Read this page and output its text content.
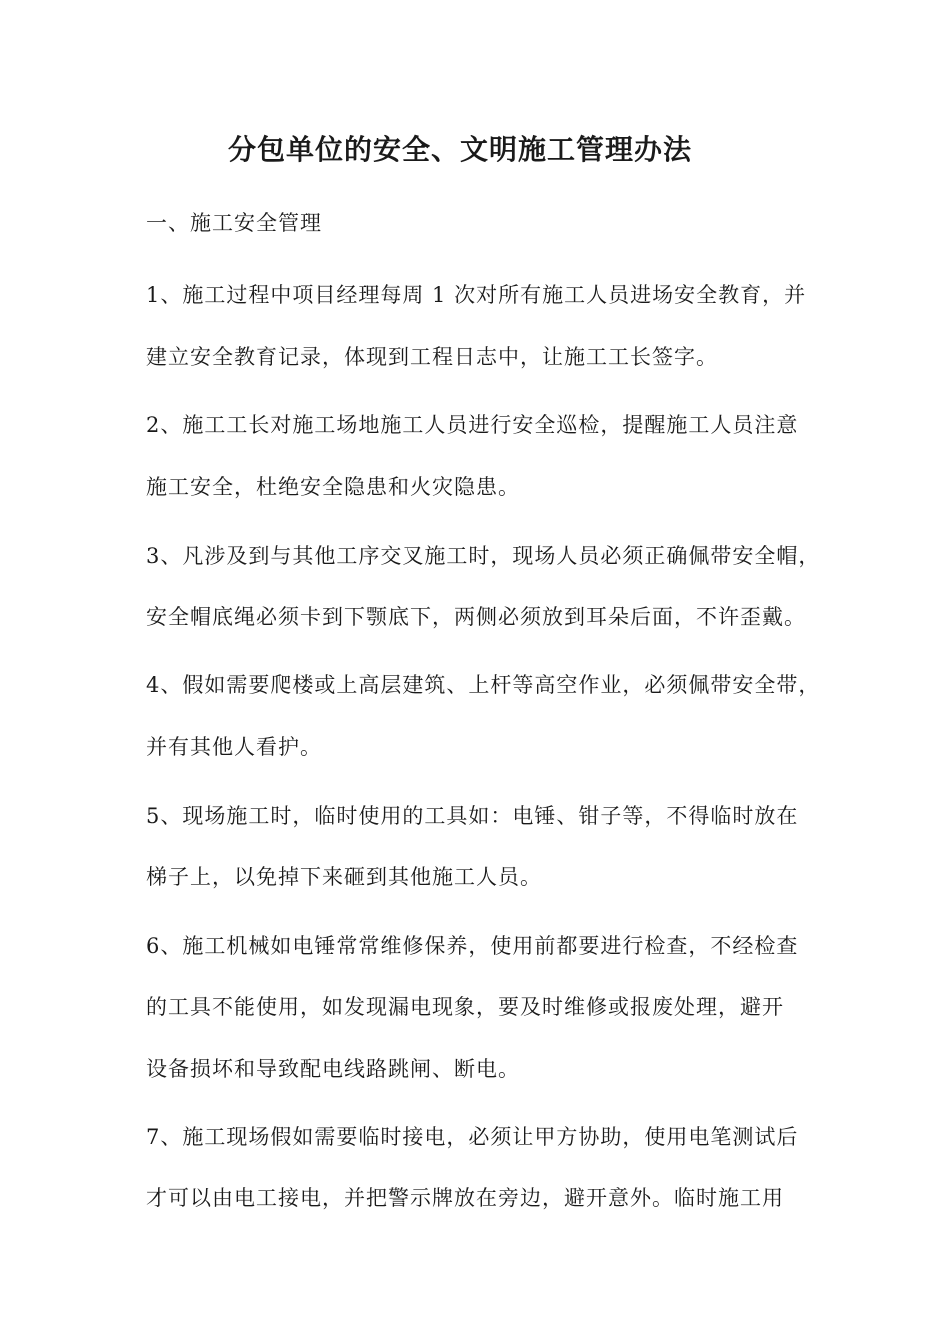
分包单位的安全、文明施工管理办法

一、施工安全管理

1、施工过程中项目经理每周 1 次对所有施工人员进场安全教育，并

建立安全教育记录，体现到工程日志中，让施工工长签字。

2、施工工长对施工场地施工人员进行安全巡检，提醒施工人员注意

施工安全，杜绝安全隐患和火灾隐患。

3、凡涉及到与其他工序交叉施工时，现场人员必须正确佩带安全帽，

安全帽底绳必须卡到下颚底下，两侧必须放到耳朵后面，不许歪戴。

4、假如需要爬楼或上高层建筑、上杆等高空作业，必须佩带安全带，

并有其他人看护。

5、现场施工时，临时使用的工具如：电锤、钳子等，不得临时放在

梯子上，以免掉下来砸到其他施工人员。

6、施工机械如电锤常常维修保养，使用前都要进行检查，不经检查

的工具不能使用，如发现漏电现象，要及时维修或报废处理，避开

设备损坏和导致配电线路跳闸、断电。

7、施工现场假如需要临时接电，必须让甲方协助，使用电笔测试后

才可以由电工接电，并把警示牌放在旁边，避开意外。临时施工用
